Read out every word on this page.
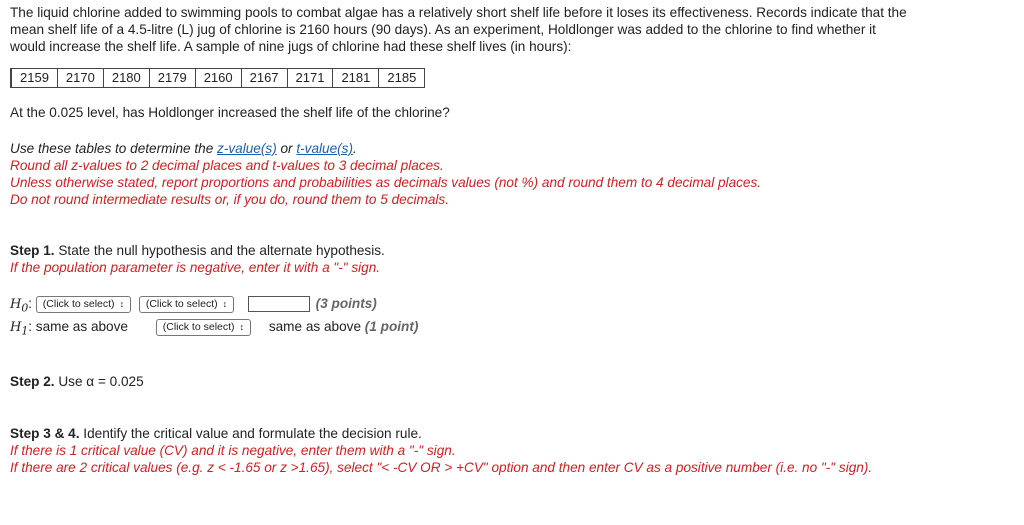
The liquid chlorine added to swimming pools to combat algae has a relatively short shelf life before it loses its effectiveness. Records indicate that the mean shelf life of a 4.5-litre (L) jug of chlorine is 2160 hours (90 days). As an experiment, Holdlonger was added to the chlorine to find whether it would increase the shelf life. A sample of nine jugs of chlorine had these shelf lives (in hours):

2159	2170	2180	2179	2160	2167	2171	2181	2185

At the 0.025 level, has Holdlonger increased the shelf life of the chlorine?

Use these tables to determine the z-value(s) or t-value(s).

Round all z-values to 2 decimal places and t-values to 3 decimal places.

Unless otherwise stated, report proportions and probabilities as decimals values (not %) and round them to 4 decimal places.

Do not round intermediate results or, if you do, round them to 5 decimals.

Step 1. State the null hypothesis and the alternate hypothesis.

If the population parameter is negative, enter it with a "-" sign.

$H_0$: (Click to select) ↕ (Click to select) ↕	(3 points)
$H_1$: same as above	(Click to select) ↕ same as above (1 point)

Step 2. Use α = 0.025

Step 3 & 4. Identify the critical value and formulate the decision rule.

If there is 1 critical value (CV) and it is negative, enter them with a "-" sign.

If there are 2 critical values (e.g. z < -1.65 or z >1.65), select "< -CV OR > +CV" option and then enter CV as a positive number (i.e. no "-" sign).
